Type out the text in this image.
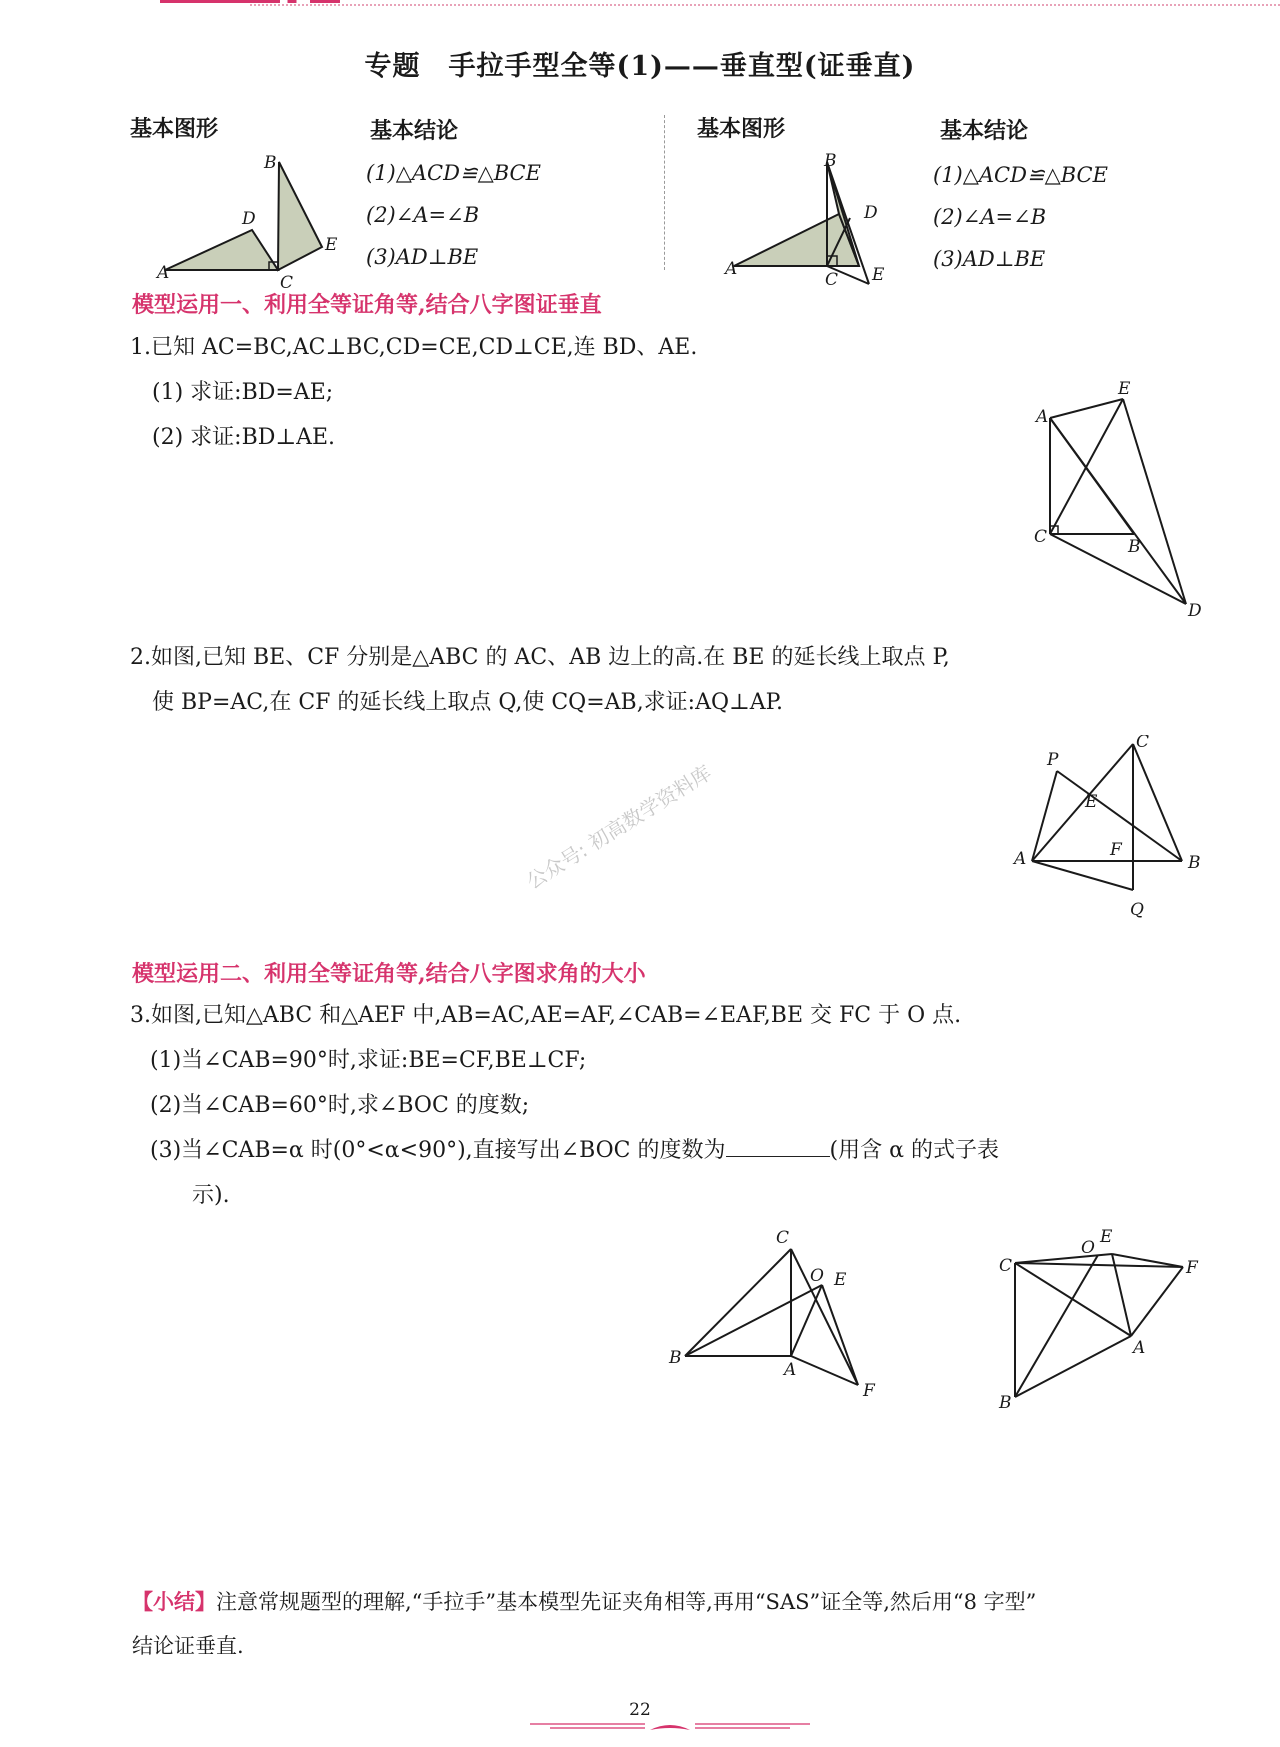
专题 手拉手型全等(1)——垂直型(证垂直)
基本图形	基本结论
(1)△ACD≌△BCE
(2)∠A=∠B
(3)AD⊥BE
A
B
C
D
E
基本图形	基本结论
(1)△ACD≌△BCE
(2)∠A=∠B
(3)AD⊥BE
A
B
C
D
E
模型运用一、利用全等证角等,结合八字图证垂直
1.已知 AC=BC,AC⊥BC,CD=CE,CD⊥CE,连 BD、AE.
(1) 求证:BD=AE;
(2) 求证:BD⊥AE.
E
A
C	B
D
2.如图,已知 BE、CF 分别是△ABC 的 AC、AB 边上的高.在 BE 的延长线上取点 P,
使 BP=AC,在 CF 的延长线上取点 Q,使 CQ=AB,求证:AQ⊥AP.
C
P
E
A	F
B
Q
公众号: 初高数学资料库
模型运用二、利用全等证角等,结合八字图求角的大小
3.如图,已知△ABC 和△AEF 中,AB=AC,AE=AF,∠CAB=∠EAF,BE 交 FC 于 O 点.
(1)当∠CAB=90°时,求证:BE=CF,BE⊥CF;
(2)当∠CAB=60°时,求∠BOC 的度数;
(3)当∠CAB=α 时(0°<α<90°),直接写出∠BOC 的度数为	(用含 α 的式子表
示).
C
O E
B
A
F
C
O
E
F
A
B
【小结】注意常规题型的理解,“手拉手”基本模型先证夹角相等,再用“SAS”证全等,然后用“8 字型”
结论证垂直.
22
